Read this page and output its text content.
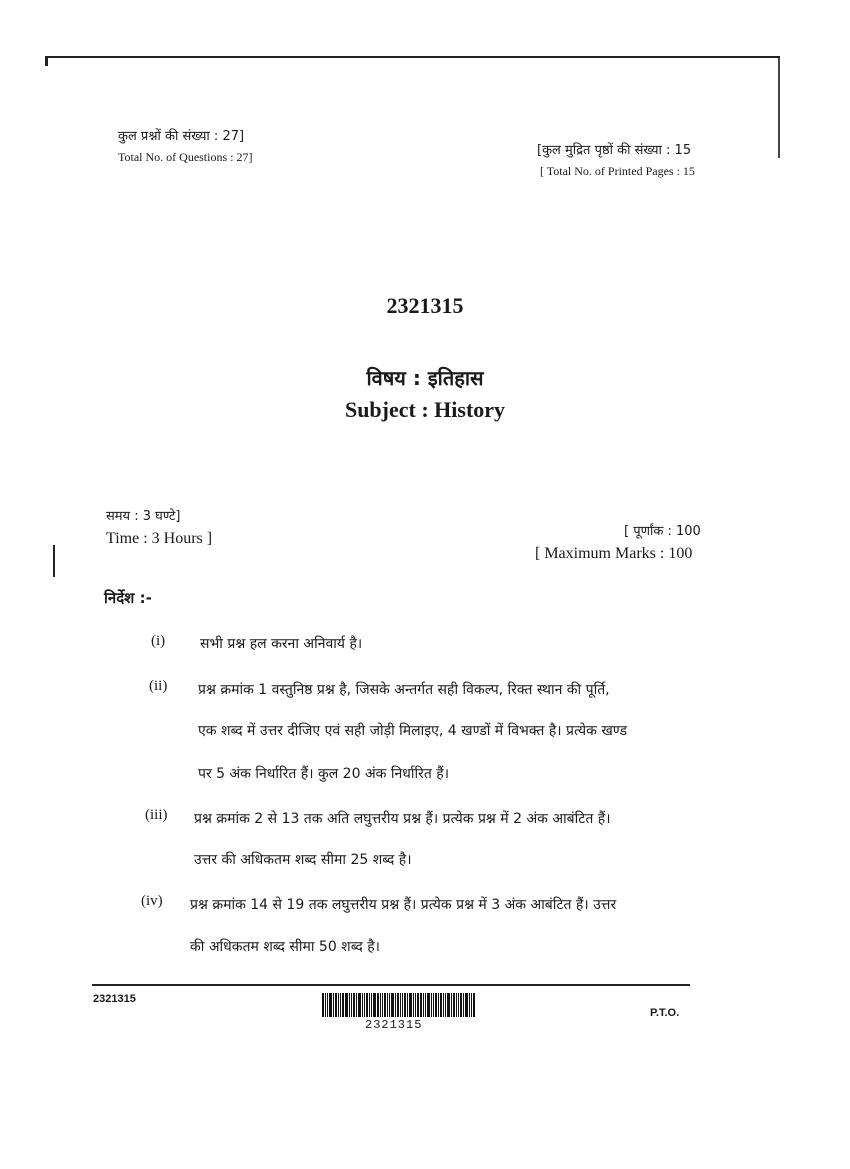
कुल प्रश्नों की संख्या : 27]
Total No. of Questions : 27]	[कुल मुद्रित पृष्ठों की संख्या : 15
[ Total No. of Printed Pages : 15
2321315
विषय : इतिहास
Subject : History
समय : 3 घण्टे]
Time : 3 Hours ]	[ पूर्णांक : 100
[ Maximum Marks : 100
निर्देश :-
(i) सभी प्रश्न हल करना अनिवार्य है।
(ii) प्रश्न क्रमांक 1 वस्तुनिष्ठ प्रश्न है, जिसके अन्तर्गत सही विकल्प, रिक्त स्थान की पूर्ति,
एक शब्द में उत्तर दीजिए एवं सही जोड़ी मिलाइए, 4 खण्डों में विभक्त है। प्रत्येक खण्ड
पर 5 अंक निर्धारित हैं। कुल 20 अंक निर्धारित हैं।
(iii) प्रश्न क्रमांक 2 से 13 तक अति लघुत्तरीय प्रश्न हैं। प्रत्येक प्रश्न में 2 अंक आबंटित हैं।
उत्तर की अधिकतम शब्द सीमा 25 शब्द है।
(iv) प्रश्न क्रमांक 14 से 19 तक लघुत्तरीय प्रश्न हैं। प्रत्येक प्रश्न में 3 अंक आबंटित हैं। उत्तर
की अधिकतम शब्द सीमा 50 शब्द है।
2321315
2321315
P.T.O.
